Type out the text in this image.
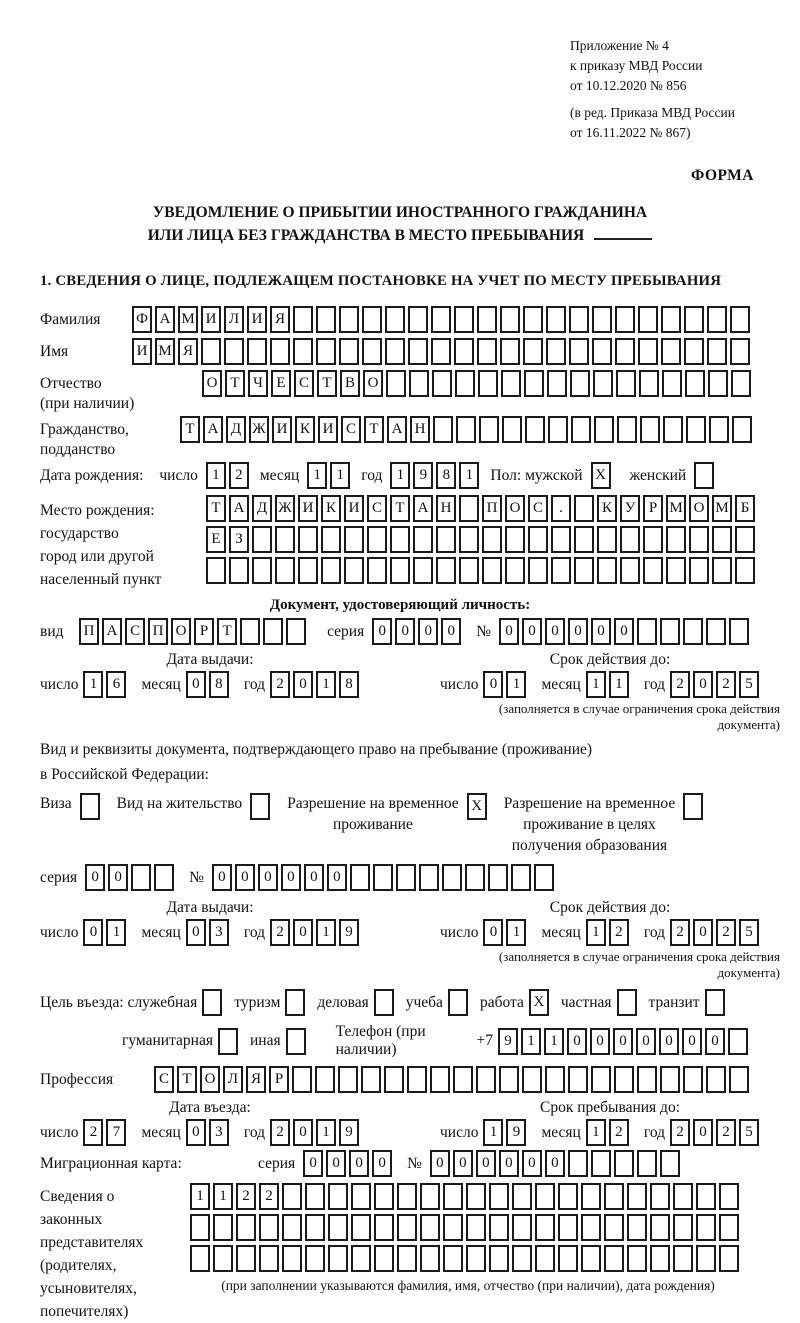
Приложение № 4
к приказу МВД России
от 10.12.2020 № 856
(в ред. Приказа МВД России
от 16.11.2022 № 867)
ФОРМА
УВЕДОМЛЕНИЕ О ПРИБЫТИИ ИНОСТРАННОГО ГРАЖДАНИНА
ИЛИ ЛИЦА БЕЗ ГРАЖДАНСТВА В МЕСТО ПРЕБЫВАНИЯ
1. СВЕДЕНИЯ О ЛИЦЕ, ПОДЛЕЖАЩЕМ ПОСТАНОВКЕ НА УЧЕТ ПО МЕСТУ ПРЕБЫВАНИЯ
Фамилия	Ф А М И Л И Я
Имя	И М Я
Отчество
(при наличии)
О Т Ч Е С Т В О
Гражданство,
подданство
Т А Д Ж И К И С Т А Н
Дата рождения: число 1	2	месяц 1	1	год 1	9	8	1	Пол: мужской X женский
Место рождения:
государство
город или другой
населенный пункт
Т А Д Ж И К И С Т А Н	П О С	.	К У Р М О М Б
Е З
Документ, удостоверяющий личность:
вид	П А С П О Р Т	серия 0	0	0	0	№ 0	0	0	0	0	0
Дата выдачи:
число 1	6	месяц 0	8	год 2	0	1	8
Срок действия до:
число 0	1	месяц 1	1	год 2	0	2	5
(заполняется в случае ограничения срока действия документа)
Вид и реквизиты документа, подтверждающего право на пребывание (проживание)
в Российской Федерации:
Виза	Вид на жительство	Разрешение на временное
проживание
X Разрешение на временное
проживание в целях
получения образования
серия 0	0	№ 0	0	0	0	0	0
Дата выдачи:
число 0	1	месяц 0	3	год 2	0	1	9
Срок действия до:
число 0	1	месяц 1	2	год 2	0	2	5
(заполняется в случае ограничения срока действия документа)
Цель въезда: служебная туризм деловая учеба работа X частная транзит
гуманитарная иная
Телефон (при наличии)
+7 9	1	1	0	0	0	0	0	0	0
Профессия	С Т О Л Я Р
Дата въезда:
число 2	7	месяц 0	3	год 2	0	1	9
Срок пребывания до:
число 1	9	месяц 1	2	год 2	0	2	5
Миграционная карта:	серия 0	0	0	0	№ 0	0	0	0	0	0
Сведения о
законных
представителях
(родителях,
усыновителях,
попечителях)
1	1	2	2
(при заполнении указываются фамилия, имя, отчество (при наличии), дата рождения)
